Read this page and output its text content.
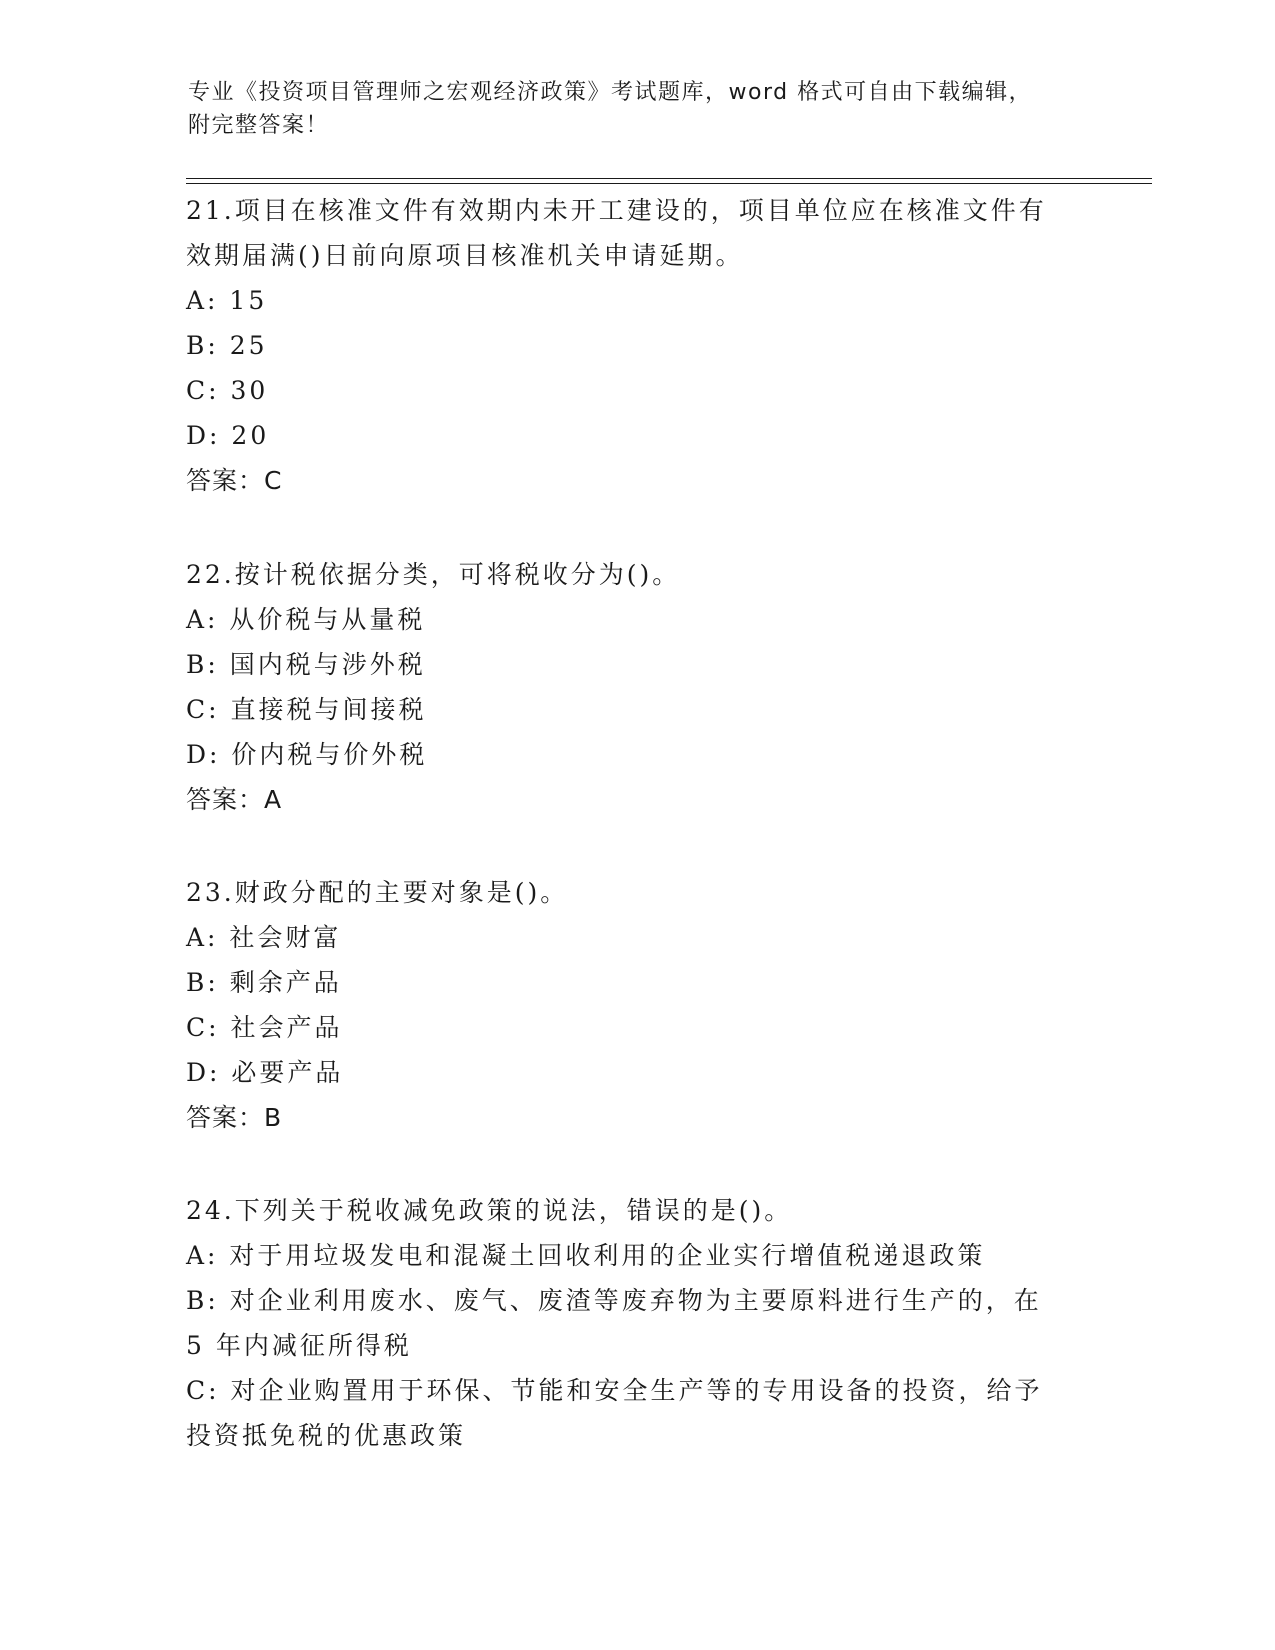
专业《投资项目管理师之宏观经济政策》考试题库，word 格式可自由下载编辑，
附完整答案！

21.项目在核准文件有效期内未开工建设的，项目单位应在核准文件有

效期届满()日前向原项目核准机关申请延期。

A: 15

B: 25

C: 30

D: 20

答案：C

22.按计税依据分类，可将税收分为()。

A: 从价税与从量税

B: 国内税与涉外税

C: 直接税与间接税

D: 价内税与价外税

答案：A

23.财政分配的主要对象是()。

A: 社会财富

B: 剩余产品

C: 社会产品

D: 必要产品

答案：B

24.下列关于税收减免政策的说法，错误的是()。

A: 对于用垃圾发电和混凝土回收利用的企业实行增值税递退政策

B: 对企业利用废水、废气、废渣等废弃物为主要原料进行生产的，在

5 年内减征所得税

C: 对企业购置用于环保、节能和安全生产等的专用设备的投资，给予

投资抵免税的优惠政策
